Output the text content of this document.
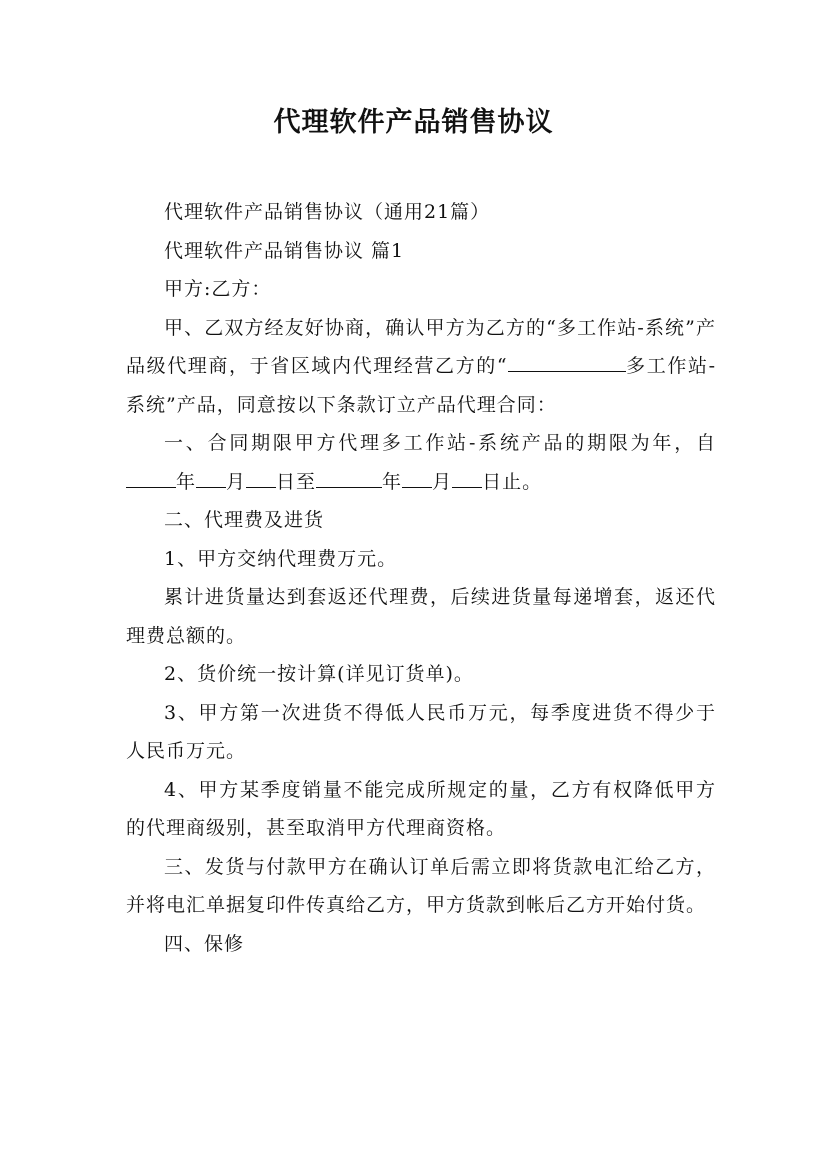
代理软件产品销售协议

代理软件产品销售协议（通用21篇）

代理软件产品销售协议 篇1

甲方:乙方：

甲、乙双方经友好协商，确认甲方为乙方的“多工作站-系统”产品级代理商，于省区域内代理经营乙方的“	多工作站-系统”产品，同意按以下条款订立产品代理合同：

一、合同期限甲方代理多工作站-系统产品的期限为年，自年 月 日至	年 月 日止。

二、代理费及进货

1、甲方交纳代理费万元。

累计进货量达到套返还代理费，后续进货量每递增套，返还代理费总额的。

2、货价统一按计算(详见订货单)。

3、甲方第一次进货不得低人民币万元，每季度进货不得少于人民币万元。

4、甲方某季度销量不能完成所规定的量，乙方有权降低甲方的代理商级别，甚至取消甲方代理商资格。

三、发货与付款甲方在确认订单后需立即将货款电汇给乙方，并将电汇单据复印件传真给乙方，甲方货款到帐后乙方开始付货。

四、保修
